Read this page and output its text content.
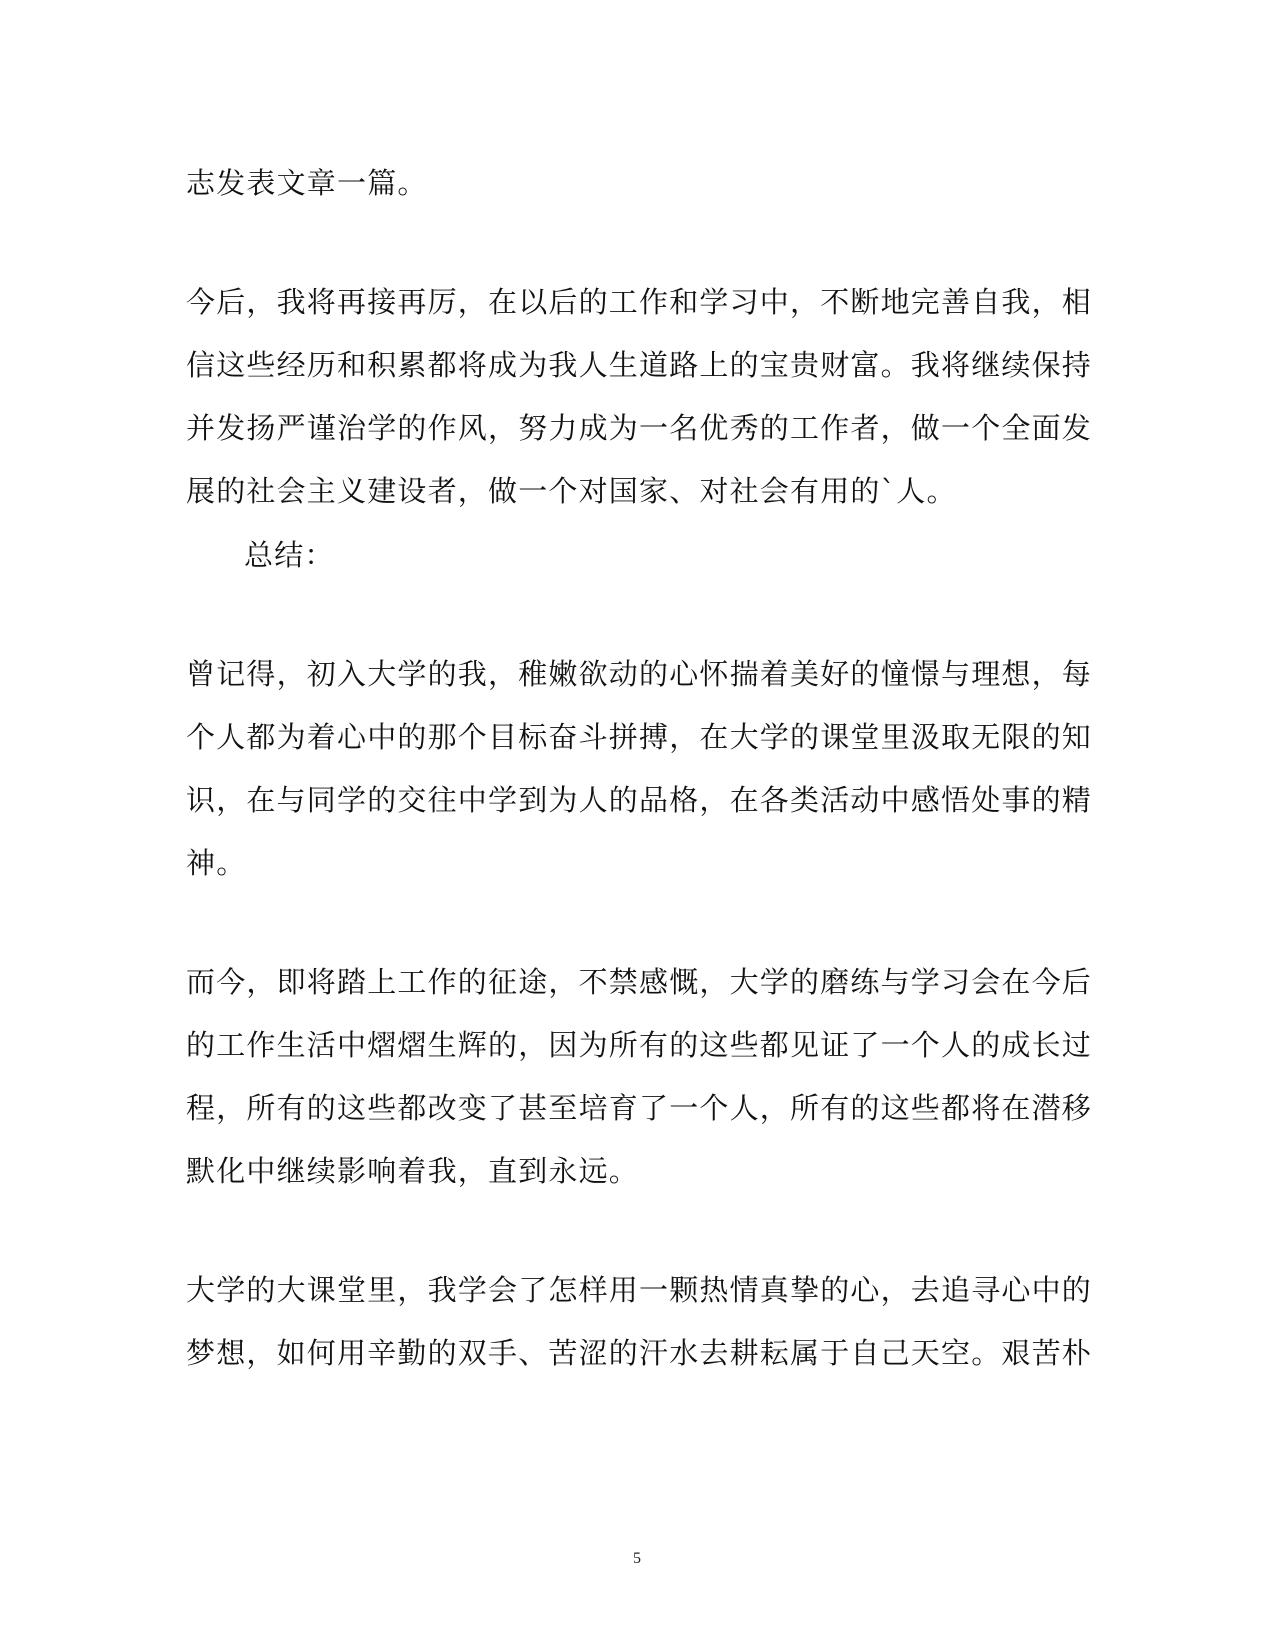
志发表文章一篇。
今后，我将再接再厉，在以后的工作和学习中，不断地完善自我，相
信这些经历和积累都将成为我人生道路上的宝贵财富。我将继续保持
并发扬严谨治学的作风，努力成为一名优秀的工作者，做一个全面发
展的社会主义建设者，做一个对国家、对社会有用的`人。
总结：
曾记得，初入大学的我，稚嫩欲动的心怀揣着美好的憧憬与理想，每
个人都为着心中的那个目标奋斗拼搏，在大学的课堂里汲取无限的知
识，在与同学的交往中学到为人的品格，在各类活动中感悟处事的精
神。
而今，即将踏上工作的征途，不禁感慨，大学的磨练与学习会在今后
的工作生活中熠熠生辉的，因为所有的这些都见证了一个人的成长过
程，所有的这些都改变了甚至培育了一个人，所有的这些都将在潜移
默化中继续影响着我，直到永远。
大学的大课堂里，我学会了怎样用一颗热情真挚的心，去追寻心中的
梦想，如何用辛勤的双手、苦涩的汗水去耕耘属于自己天空。艰苦朴
5
